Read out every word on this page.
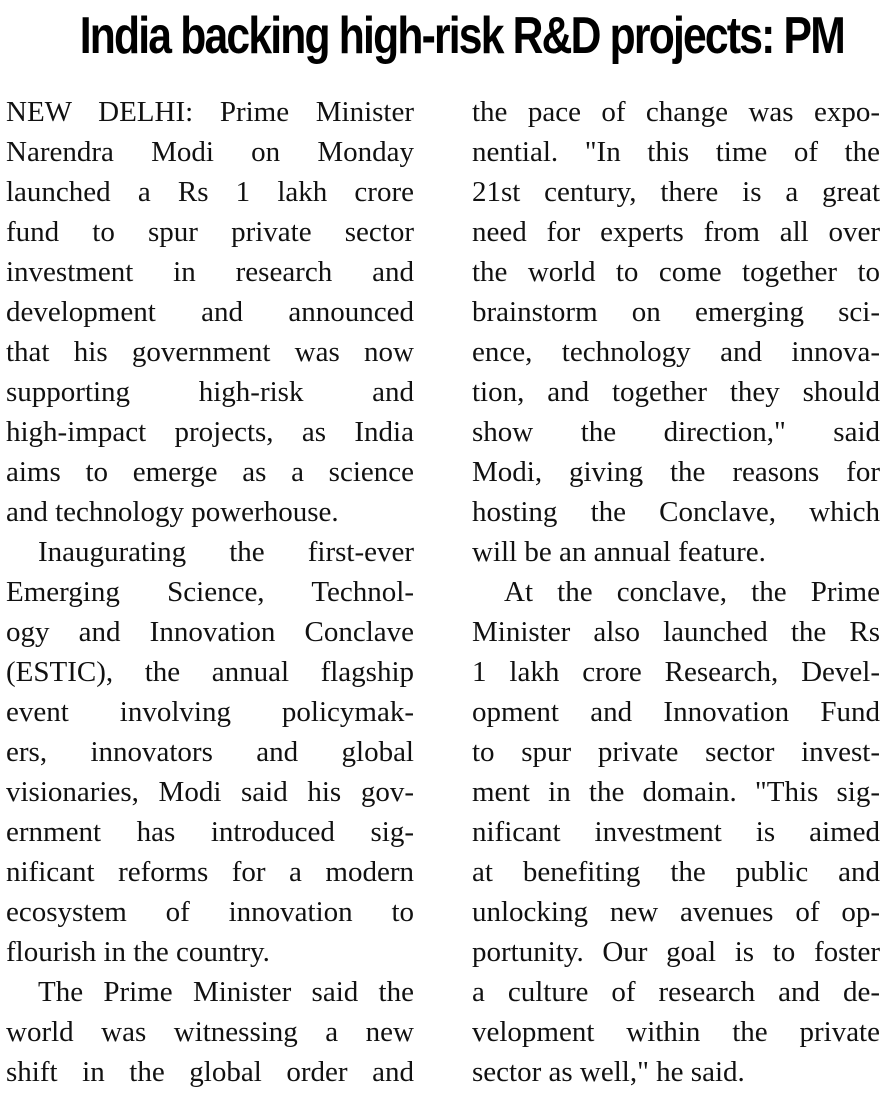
India backing high-risk R&D projects: PM
NEW DELHI: Prime Minister
Narendra Modi on Monday
launched a Rs 1 lakh crore
fund to spur private sector
investment in research and
development and announced
that his government was now
supporting high-risk and
high-impact projects, as India
aims to emerge as a science
and technology powerhouse.
Inaugurating the first-ever
Emerging Science, Technol-
ogy and Innovation Conclave
(ESTIC), the annual flagship
event involving policymak-
ers, innovators and global
visionaries, Modi said his gov-
ernment has introduced sig-
nificant reforms for a modern
ecosystem of innovation to
flourish in the country.
The Prime Minister said the
world was witnessing a new
shift in the global order and
the pace of change was expo-
nential. "In this time of the
21st century, there is a great
need for experts from all over
the world to come together to
brainstorm on emerging sci-
ence, technology and innova-
tion, and together they should
show the direction," said
Modi, giving the reasons for
hosting the Conclave, which
will be an annual feature.
At the conclave, the Prime
Minister also launched the Rs
1 lakh crore Research, Devel-
opment and Innovation Fund
to spur private sector invest-
ment in the domain. "This sig-
nificant investment is aimed
at benefiting the public and
unlocking new avenues of op-
portunity. Our goal is to foster
a culture of research and de-
velopment within the private
sector as well," he said.
